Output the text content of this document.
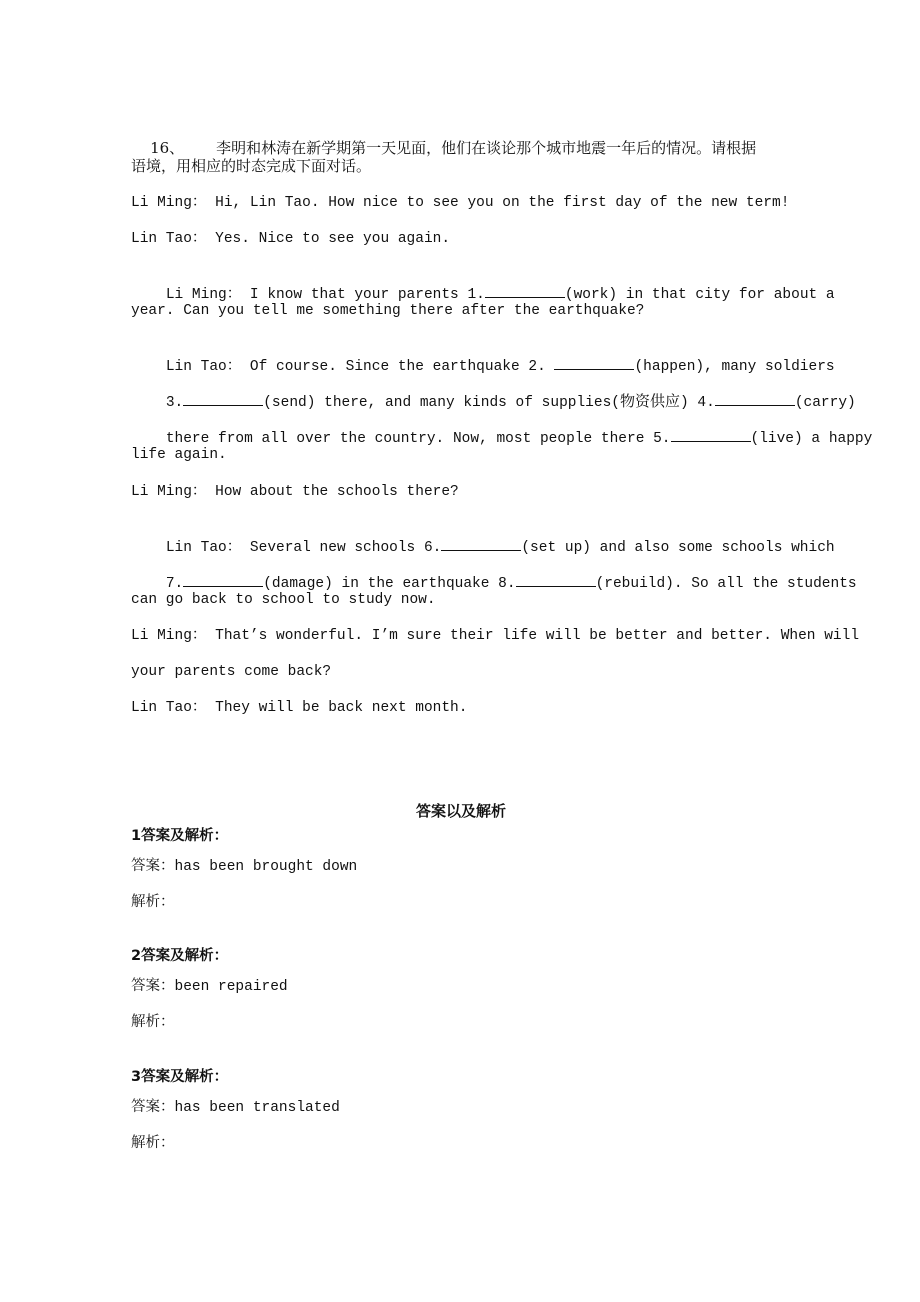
16、 李明和林涛在新学期第一天见面，他们在谈论那个城市地震一年后的情况。请根据

语境，用相应的时态完成下面对话。
Li Ming： Hi, Lin Tao. How nice to see you on the first day of the new term!
Lin Tao： Yes. Nice to see you again.

Li Ming： I know that your parents 1.	(work) in that city for about a

year. Can you tell me something there after the earthquake?

Lin Tao： Of course. Since the earthquake 2.	(happen), many soldiers

3.	(send) there, and many kinds of supplies(物资供应) 4.	(carry)

there from all over the country. Now, most people there 5.	(live) a happy

life again.
Li Ming： How about the schools there?

Lin Tao： Several new schools 6.	(set up) and also some schools which

7.	(damage) in the earthquake 8.	(rebuild). So all the students

can go back to school to study now.
Li Ming： That’s wonderful. I’m sure their life will be better and better. When will
your parents come back?
Lin Tao： They will be back next month.
答案以及解析
1答案及解析：
答案：has been brought down
解析：
2答案及解析：
答案：been repaired
解析：
3答案及解析：
答案：has been translated
解析：
